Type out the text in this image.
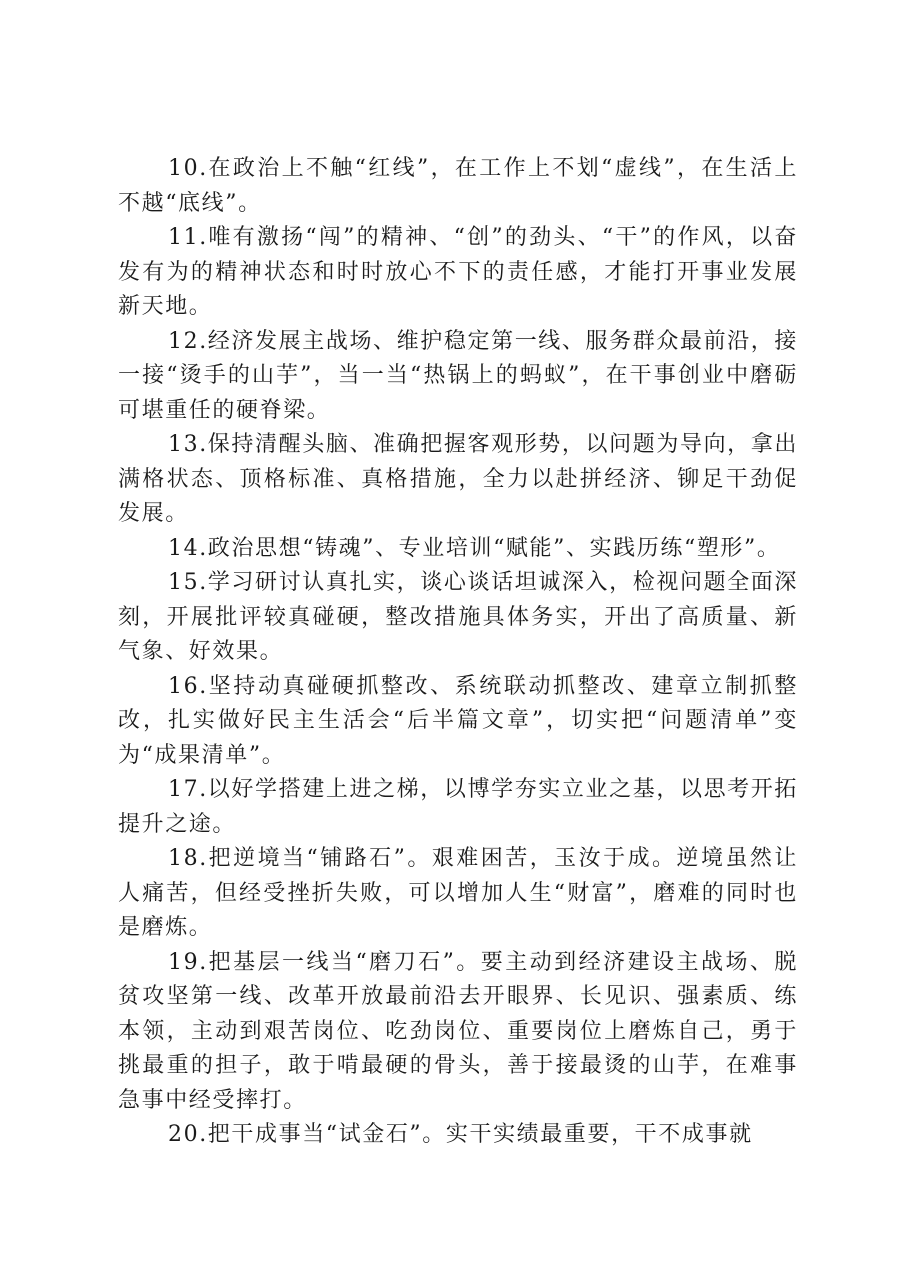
10.在政治上不触“红线”，在工作上不划“虚线”，在生活上不越“底线”。

11.唯有激扬“闯”的精神、“创”的劲头、“干”的作风，以奋发有为的精神状态和时时放心不下的责任感，才能打开事业发展新天地。

12.经济发展主战场、维护稳定第一线、服务群众最前沿，接一接“烫手的山芋”，当一当“热锅上的蚂蚁”，在干事创业中磨砺可堪重任的硬脊梁。

13.保持清醒头脑、准确把握客观形势，以问题为导向，拿出满格状态、顶格标准、真格措施，全力以赴拼经济、铆足干劲促发展。

14.政治思想“铸魂”、专业培训“赋能”、实践历练“塑形”。

15.学习研讨认真扎实，谈心谈话坦诚深入，检视问题全面深刻，开展批评较真碰硬，整改措施具体务实，开出了高质量、新气象、好效果。

16.坚持动真碰硬抓整改、系统联动抓整改、建章立制抓整改，扎实做好民主生活会“后半篇文章”，切实把“问题清单”变为“成果清单”。

17.以好学搭建上进之梯，以博学夯实立业之基，以思考开拓提升之途。

18.把逆境当“铺路石”。艰难困苦，玉汝于成。逆境虽然让人痛苦，但经受挫折失败，可以增加人生“财富”，磨难的同时也是磨炼。

19.把基层一线当“磨刀石”。要主动到经济建设主战场、脱贫攻坚第一线、改革开放最前沿去开眼界、长见识、强素质、练本领，主动到艰苦岗位、吃劲岗位、重要岗位上磨炼自己，勇于挑最重的担子，敢于啃最硬的骨头，善于接最烫的山芋，在难事急事中经受摔打。

20.把干成事当“试金石”。实干实绩最重要，干不成事就
